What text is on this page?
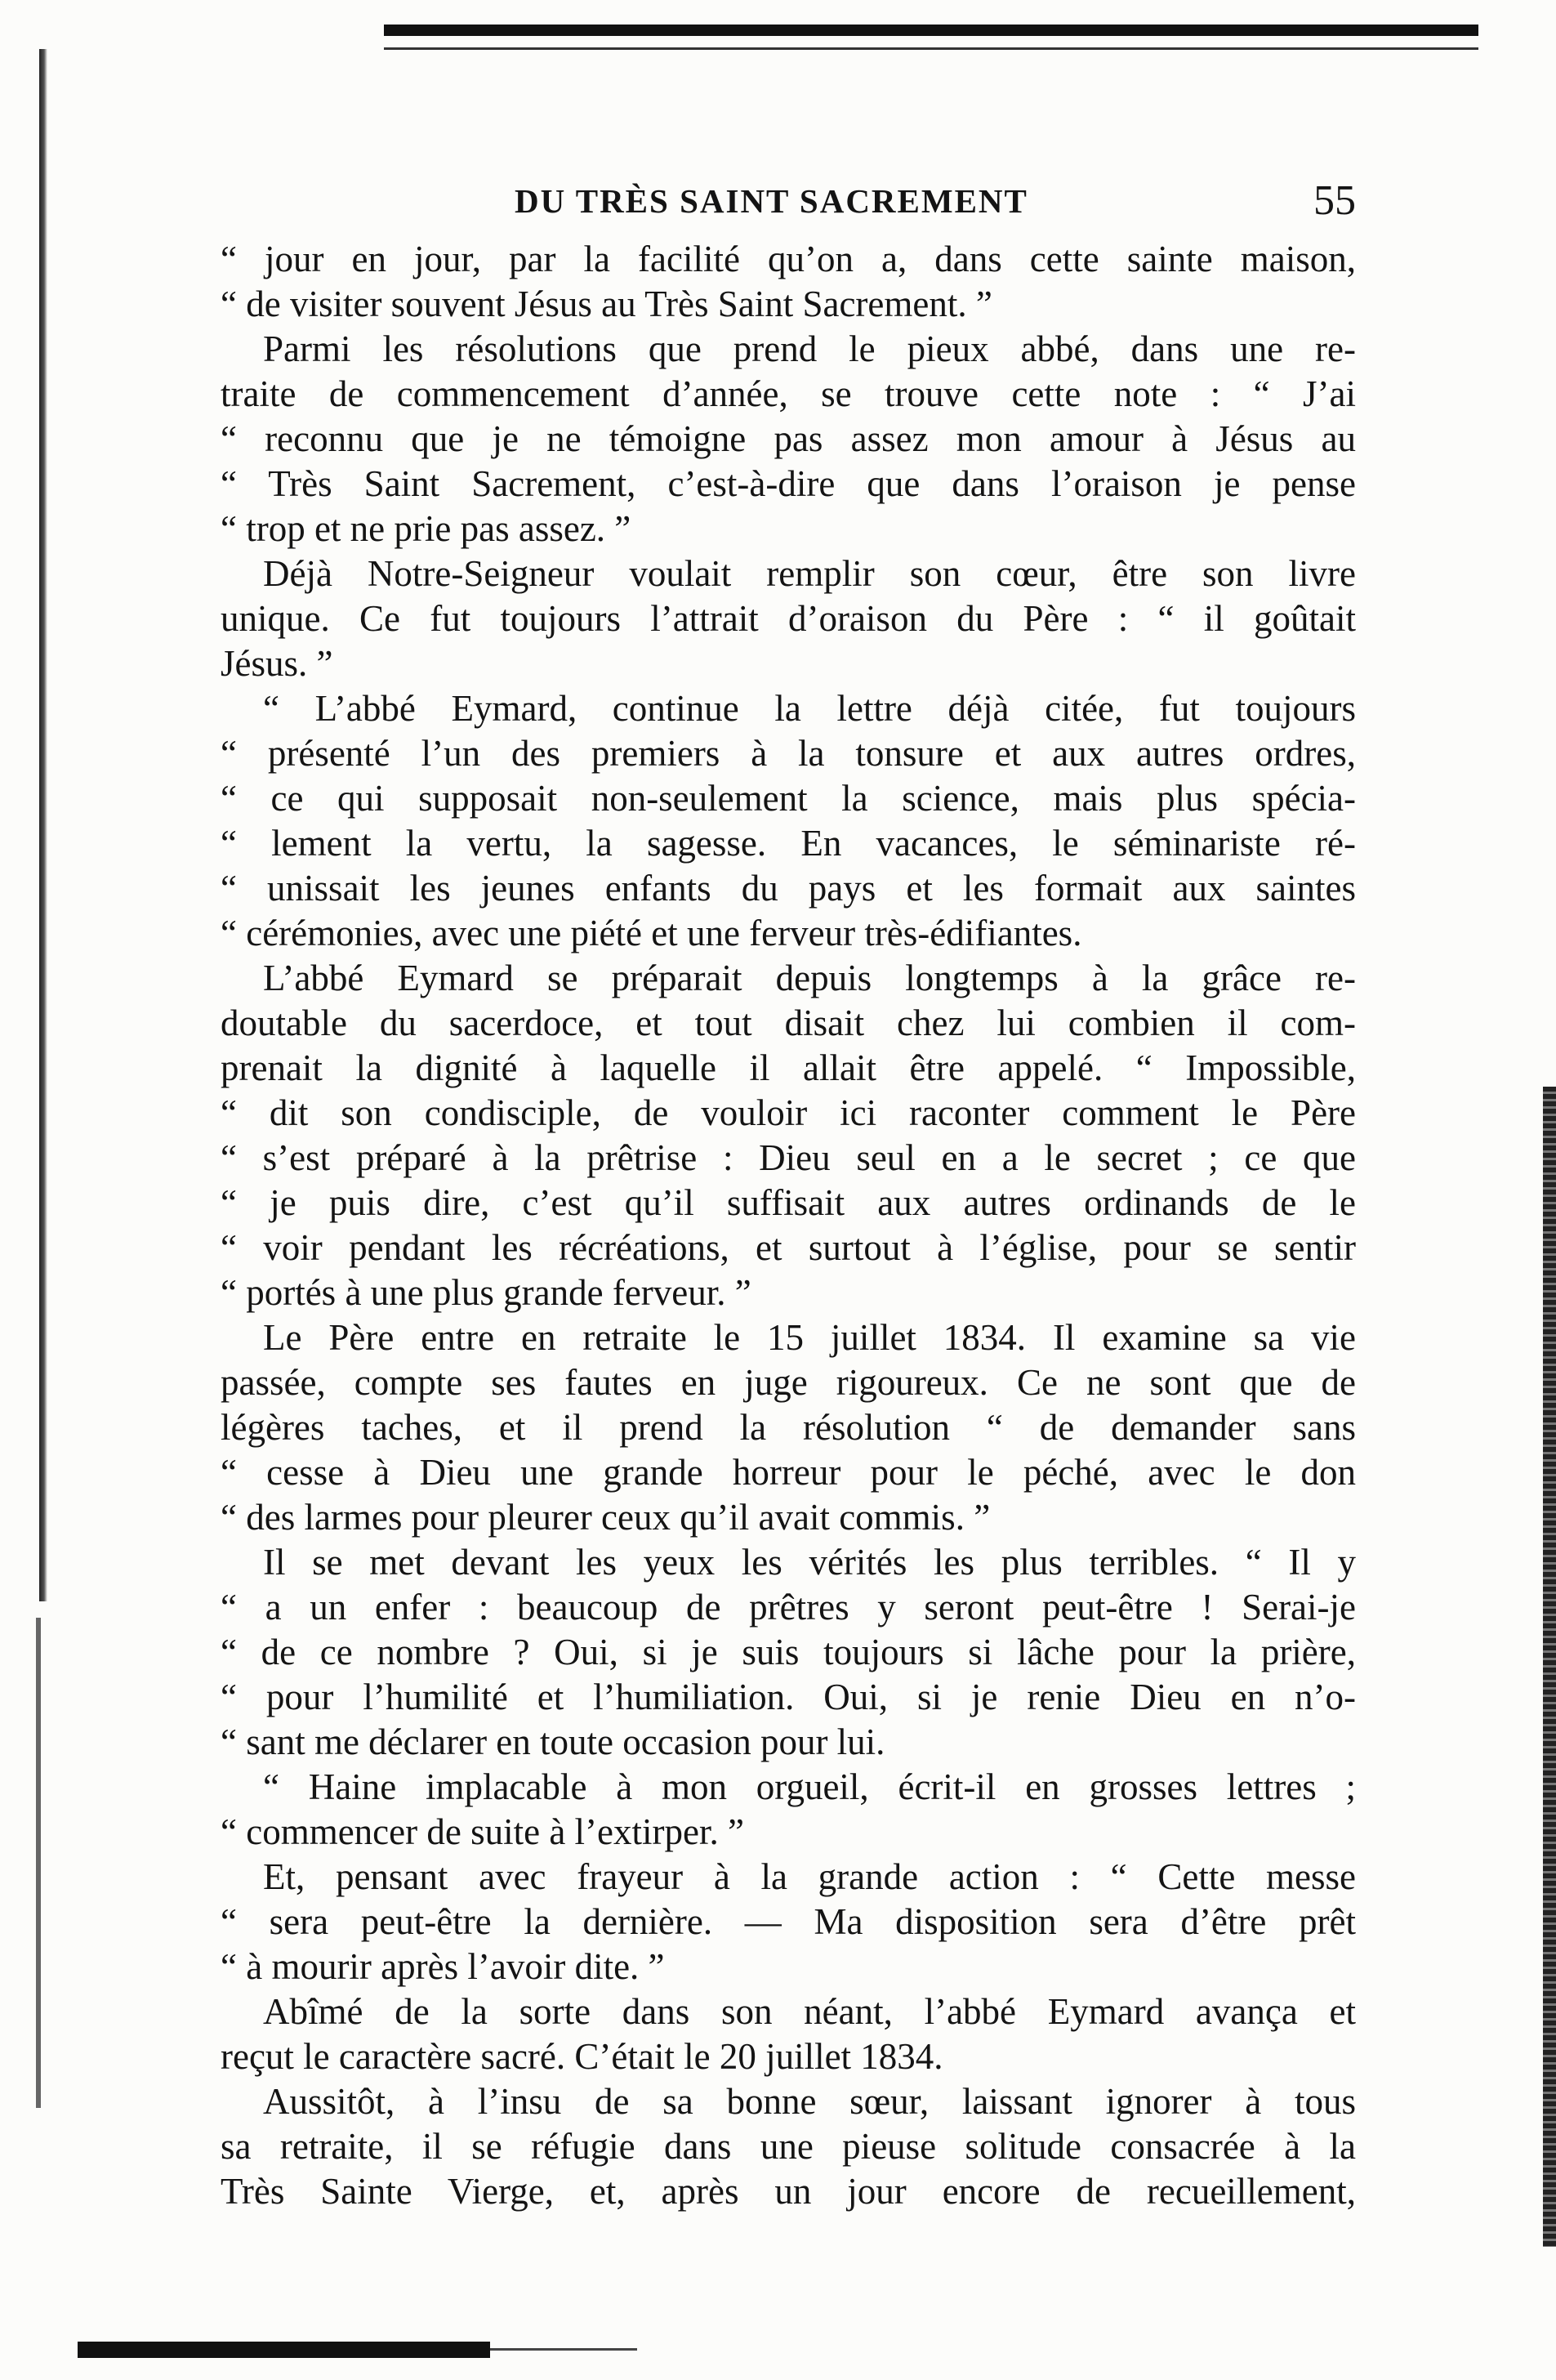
DU TRÈS SAINT SACREMENT	55
“ jour en jour, par la facilité qu’on a, dans cette sainte maison,
“ de visiter souvent Jésus au Très Saint Sacrement. ”
Parmi les résolutions que prend le pieux abbé, dans une re-
traite de commencement d’année, se trouve cette note : “ J’ai
“ reconnu que je ne témoigne pas assez mon amour à Jésus au
“ Très Saint Sacrement, c’est-à-dire que dans l’oraison je pense
“ trop et ne prie pas assez. ”
Déjà Notre-Seigneur voulait remplir son cœur, être son livre
unique. Ce fut toujours l’attrait d’oraison du Père : “ il goûtait
Jésus. ”
“ L’abbé Eymard, continue la lettre déjà citée, fut toujours
“ présenté l’un des premiers à la tonsure et aux autres ordres,
“ ce qui supposait non-seulement la science, mais plus spécia-
“ lement la vertu, la sagesse. En vacances, le séminariste ré-
“ unissait les jeunes enfants du pays et les formait aux saintes
“ cérémonies, avec une piété et une ferveur très-édifiantes.
L’abbé Eymard se préparait depuis longtemps à la grâce re-
doutable du sacerdoce, et tout disait chez lui combien il com-
prenait la dignité à laquelle il allait être appelé. “ Impossible,
“ dit son condisciple, de vouloir ici raconter comment le Père
“ s’est préparé à la prêtrise : Dieu seul en a le secret ; ce que
“ je puis dire, c’est qu’il suffisait aux autres ordinands de le
“ voir pendant les récréations, et surtout à l’église, pour se sentir
“ portés à une plus grande ferveur. ”
Le Père entre en retraite le 15 juillet 1834. Il examine sa vie
passée, compte ses fautes en juge rigoureux. Ce ne sont que de
légères taches, et il prend la résolution “ de demander sans
“ cesse à Dieu une grande horreur pour le péché, avec le don
“ des larmes pour pleurer ceux qu’il avait commis. ”
Il se met devant les yeux les vérités les plus terribles. “ Il y
“ a un enfer : beaucoup de prêtres y seront peut-être ! Serai-je
“ de ce nombre ? Oui, si je suis toujours si lâche pour la prière,
“ pour l’humilité et l’humiliation. Oui, si je renie Dieu en n’o-
“ sant me déclarer en toute occasion pour lui.
“ Haine implacable à mon orgueil, écrit-il en grosses lettres ;
“ commencer de suite à l’extirper. ”
Et, pensant avec frayeur à la grande action : “ Cette messe
“ sera peut-être la dernière. — Ma disposition sera d’être prêt
“ à mourir après l’avoir dite. ”
Abîmé de la sorte dans son néant, l’abbé Eymard avança et
reçut le caractère sacré. C’était le 20 juillet 1834.
Aussitôt, à l’insu de sa bonne sœur, laissant ignorer à tous
sa retraite, il se réfugie dans une pieuse solitude consacrée à la
Très Sainte Vierge, et, après un jour encore de recueillement,
